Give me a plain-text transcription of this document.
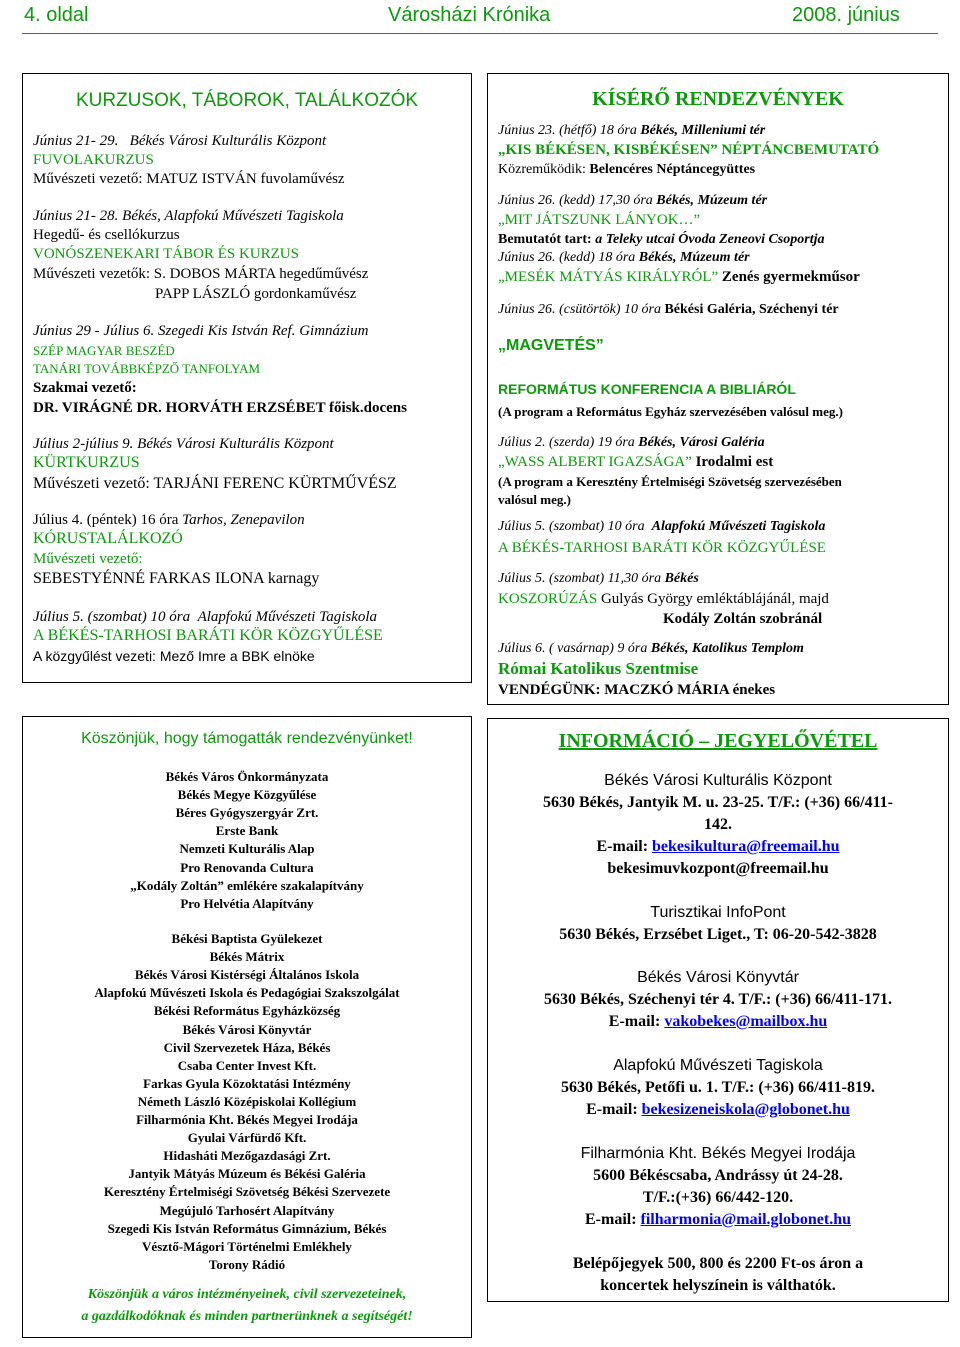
4. oldal	Városházi Krónika	2008. június
KURZUSOK, TÁBOROK, TALÁLKOZÓK
Június 21- 29. Békés Városi Kulturális Központ
FUVOLAKURZUS
Művészeti vezető: MATUZ ISTVÁN fuvolaművész
Június 21- 28. Békés, Alapfokú Művészeti Tagiskola
Hegedű- és csellókurzus
VONÓSZENEKARI TÁBOR ÉS KURZUS
Művészeti vezetők: S. DOBOS MÁRTA hegedűművész
PAPP LÁSZLÓ gordonkaművész
Június 29 - Július 6. Szegedi Kis István Ref. Gimnázium
SZÉP MAGYAR BESZÉD
TANÁRI TOVÁBBKÉPZŐ TANFOLYAM
Szakmai vezető:
DR. VIRÁGNÉ DR. HORVÁTH ERZSÉBET főisk.docens
Július 2-július 9. Békés Városi Kulturális Központ
KÜRTKURZUS
Művészeti vezető: TARJÁNI FERENC KÜRTMŰVÉSZ
Július 4. (péntek) 16 óra Tarhos, Zenepavilon
KÓRUSTALÁLKOZÓ
Művészeti vezető:
SEBESTYÉNNÉ FARKAS ILONA karnagy
Július 5. (szombat) 10 óra Alapfokú Művészeti Tagiskola
A BÉKÉS-TARHOSI BARÁTI KÖR KÖZGYŰLÉSE
A közgyűlést vezeti: Mező Imre a BBK elnöke
KÍSÉRŐ RENDEZVÉNYEK
Június 23. (hétfő) 18 óra Békés, Milleniumi tér
„KIS BÉKÉSEN, KISBÉKÉSEN” NÉPTÁNCBEMUTATÓ
Közreműködik: Belencéres Néptáncegyüttes
Június 26. (kedd) 17,30 óra Békés, Múzeum tér
„MIT JÁTSZUNK LÁNYOK…”
Bemutatót tart: a Teleky utcai Óvoda Zeneovi Csoportja
Június 26. (kedd) 18 óra Békés, Múzeum tér
„MESÉK MÁTYÁS KIRÁLYRÓL” Zenés gyermekműsor
Június 26. (csütörtök) 10 óra Békési Galéria, Széchenyi tér
„MAGVETÉS”
REFORMÁTUS KONFERENCIA A BIBLIÁRÓL
(A program a Református Egyház szervezésében valósul meg.)
Július 2. (szerda) 19 óra Békés, Városi Galéria
„WASS ALBERT IGAZSÁGA” Irodalmi est
(A program a Keresztény Értelmiségi Szövetség szervezésében
valósul meg.)
Július 5. (szombat) 10 óra Alapfokú Művészeti Tagiskola
A BÉKÉS-TARHOSI BARÁTI KÖR KÖZGYŰLÉSE
Július 5. (szombat) 11,30 óra Békés
KOSZORÚZÁS Gulyás György emléktáblájánál, majd
Kodály Zoltán szobránál
Július 6. ( vasárnap) 9 óra Békés, Katolikus Templom
Római Katolikus Szentmise
VENDÉGÜNK: MACZKÓ MÁRIA énekes
Köszönjük, hogy támogatták rendezvényünket!
Békés Város Önkormányzata
Békés Megye Közgyűlése
Béres Gyógyszergyár Zrt.
Erste Bank
Nemzeti Kulturális Alap
Pro Renovanda Cultura
„Kodály Zoltán” emlékére szakalapítvány
Pro Helvétia Alapítvány
Békési Baptista Gyülekezet
Békés Mátrix
Békés Városi Kistérségi Általános Iskola
Alapfokú Művészeti Iskola és Pedagógiai Szakszolgálat
Békési Református Egyházközség
Békés Városi Könyvtár
Civil Szervezetek Háza, Békés
Csaba Center Invest Kft.
Farkas Gyula Közoktatási Intézmény
Németh László Középiskolai Kollégium
Filharmónia Kht. Békés Megyei Irodája
Gyulai Várfürdő Kft.
Hidasháti Mezőgazdasági Zrt.
Jantyik Mátyás Múzeum és Békési Galéria
Keresztény Értelmiségi Szövetség Békési Szervezete
Megújuló Tarhosért Alapítvány
Szegedi Kis István Református Gimnázium, Békés
Vésztő-Mágori Történelmi Emlékhely
Torony Rádió
Köszönjük a város intézményeinek, civil szervezeteinek,
a gazdálkodóknak és minden partnerünknek a segítségét!
INFORMÁCIÓ – JEGYELŐVÉTEL
Békés Városi Kulturális Központ
5630 Békés, Jantyik M. u. 23-25. T/F.: (+36) 66/411-
142.
E-mail: bekesikultura@freemail.hu
bekesimuvkozpont@freemail.hu
Turisztikai InfoPont
5630 Békés, Erzsébet Liget., T: 06-20-542-3828
Békés Városi Könyvtár
5630 Békés, Széchenyi tér 4. T/F.: (+36) 66/411-171.
E-mail: vakobekes@mailbox.hu
Alapfokú Művészeti Tagiskola
5630 Békés, Petőfi u. 1. T/F.: (+36) 66/411-819.
E-mail: bekesizeneiskola@globonet.hu
Filharmónia Kht. Békés Megyei Irodája
5600 Békéscsaba, Andrássy út 24-28.
T/F.:(+36) 66/442-120.
E-mail: filharmonia@mail.globonet.hu
Belépőjegyek 500, 800 és 2200 Ft-os áron a
koncertek helyszínein is válthatók.
